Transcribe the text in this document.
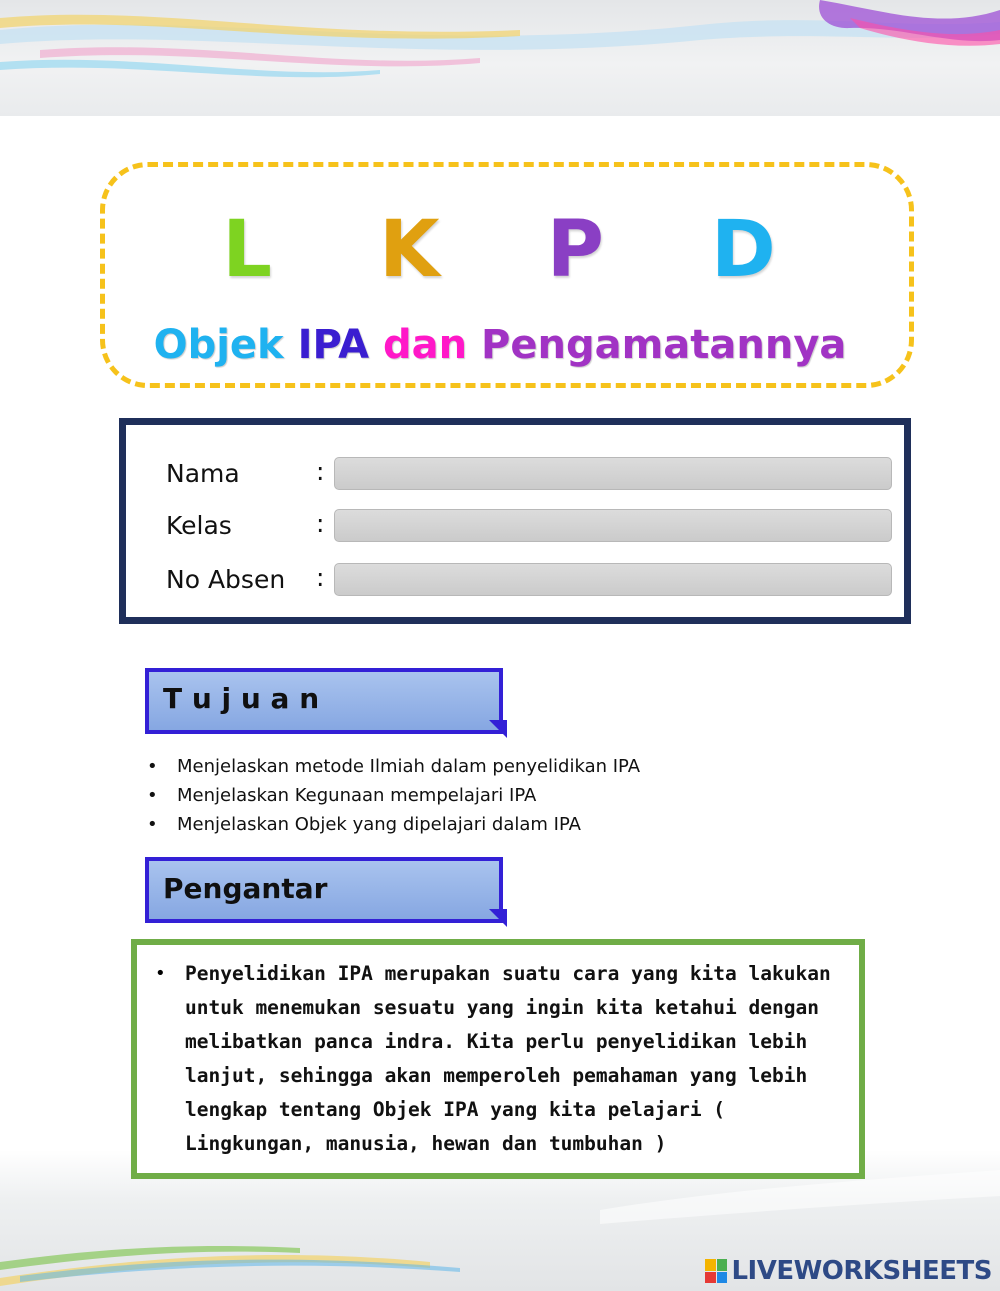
L K P D
Objek IPA dan Pengamatannya
Nama	:
Kelas	:
No Absen :
T u j u a n
• Menjelaskan metode Ilmiah dalam penyelidikan IPA
• Menjelaskan Kegunaan mempelajari IPA
• Menjelaskan Objek yang dipelajari dalam IPA
Pengantar
• Penyelidikan IPA merupakan suatu cara yang kita lakukan untuk menemukan sesuatu yang ingin kita ketahui dengan melibatkan panca indra. Kita perlu penyelidikan lebih lanjut, sehingga akan memperoleh pemahaman yang lebih lengkap tentang Objek IPA yang kita pelajari ( Lingkungan, manusia, hewan dan tumbuhan )

LIVEWORKSHEETS
